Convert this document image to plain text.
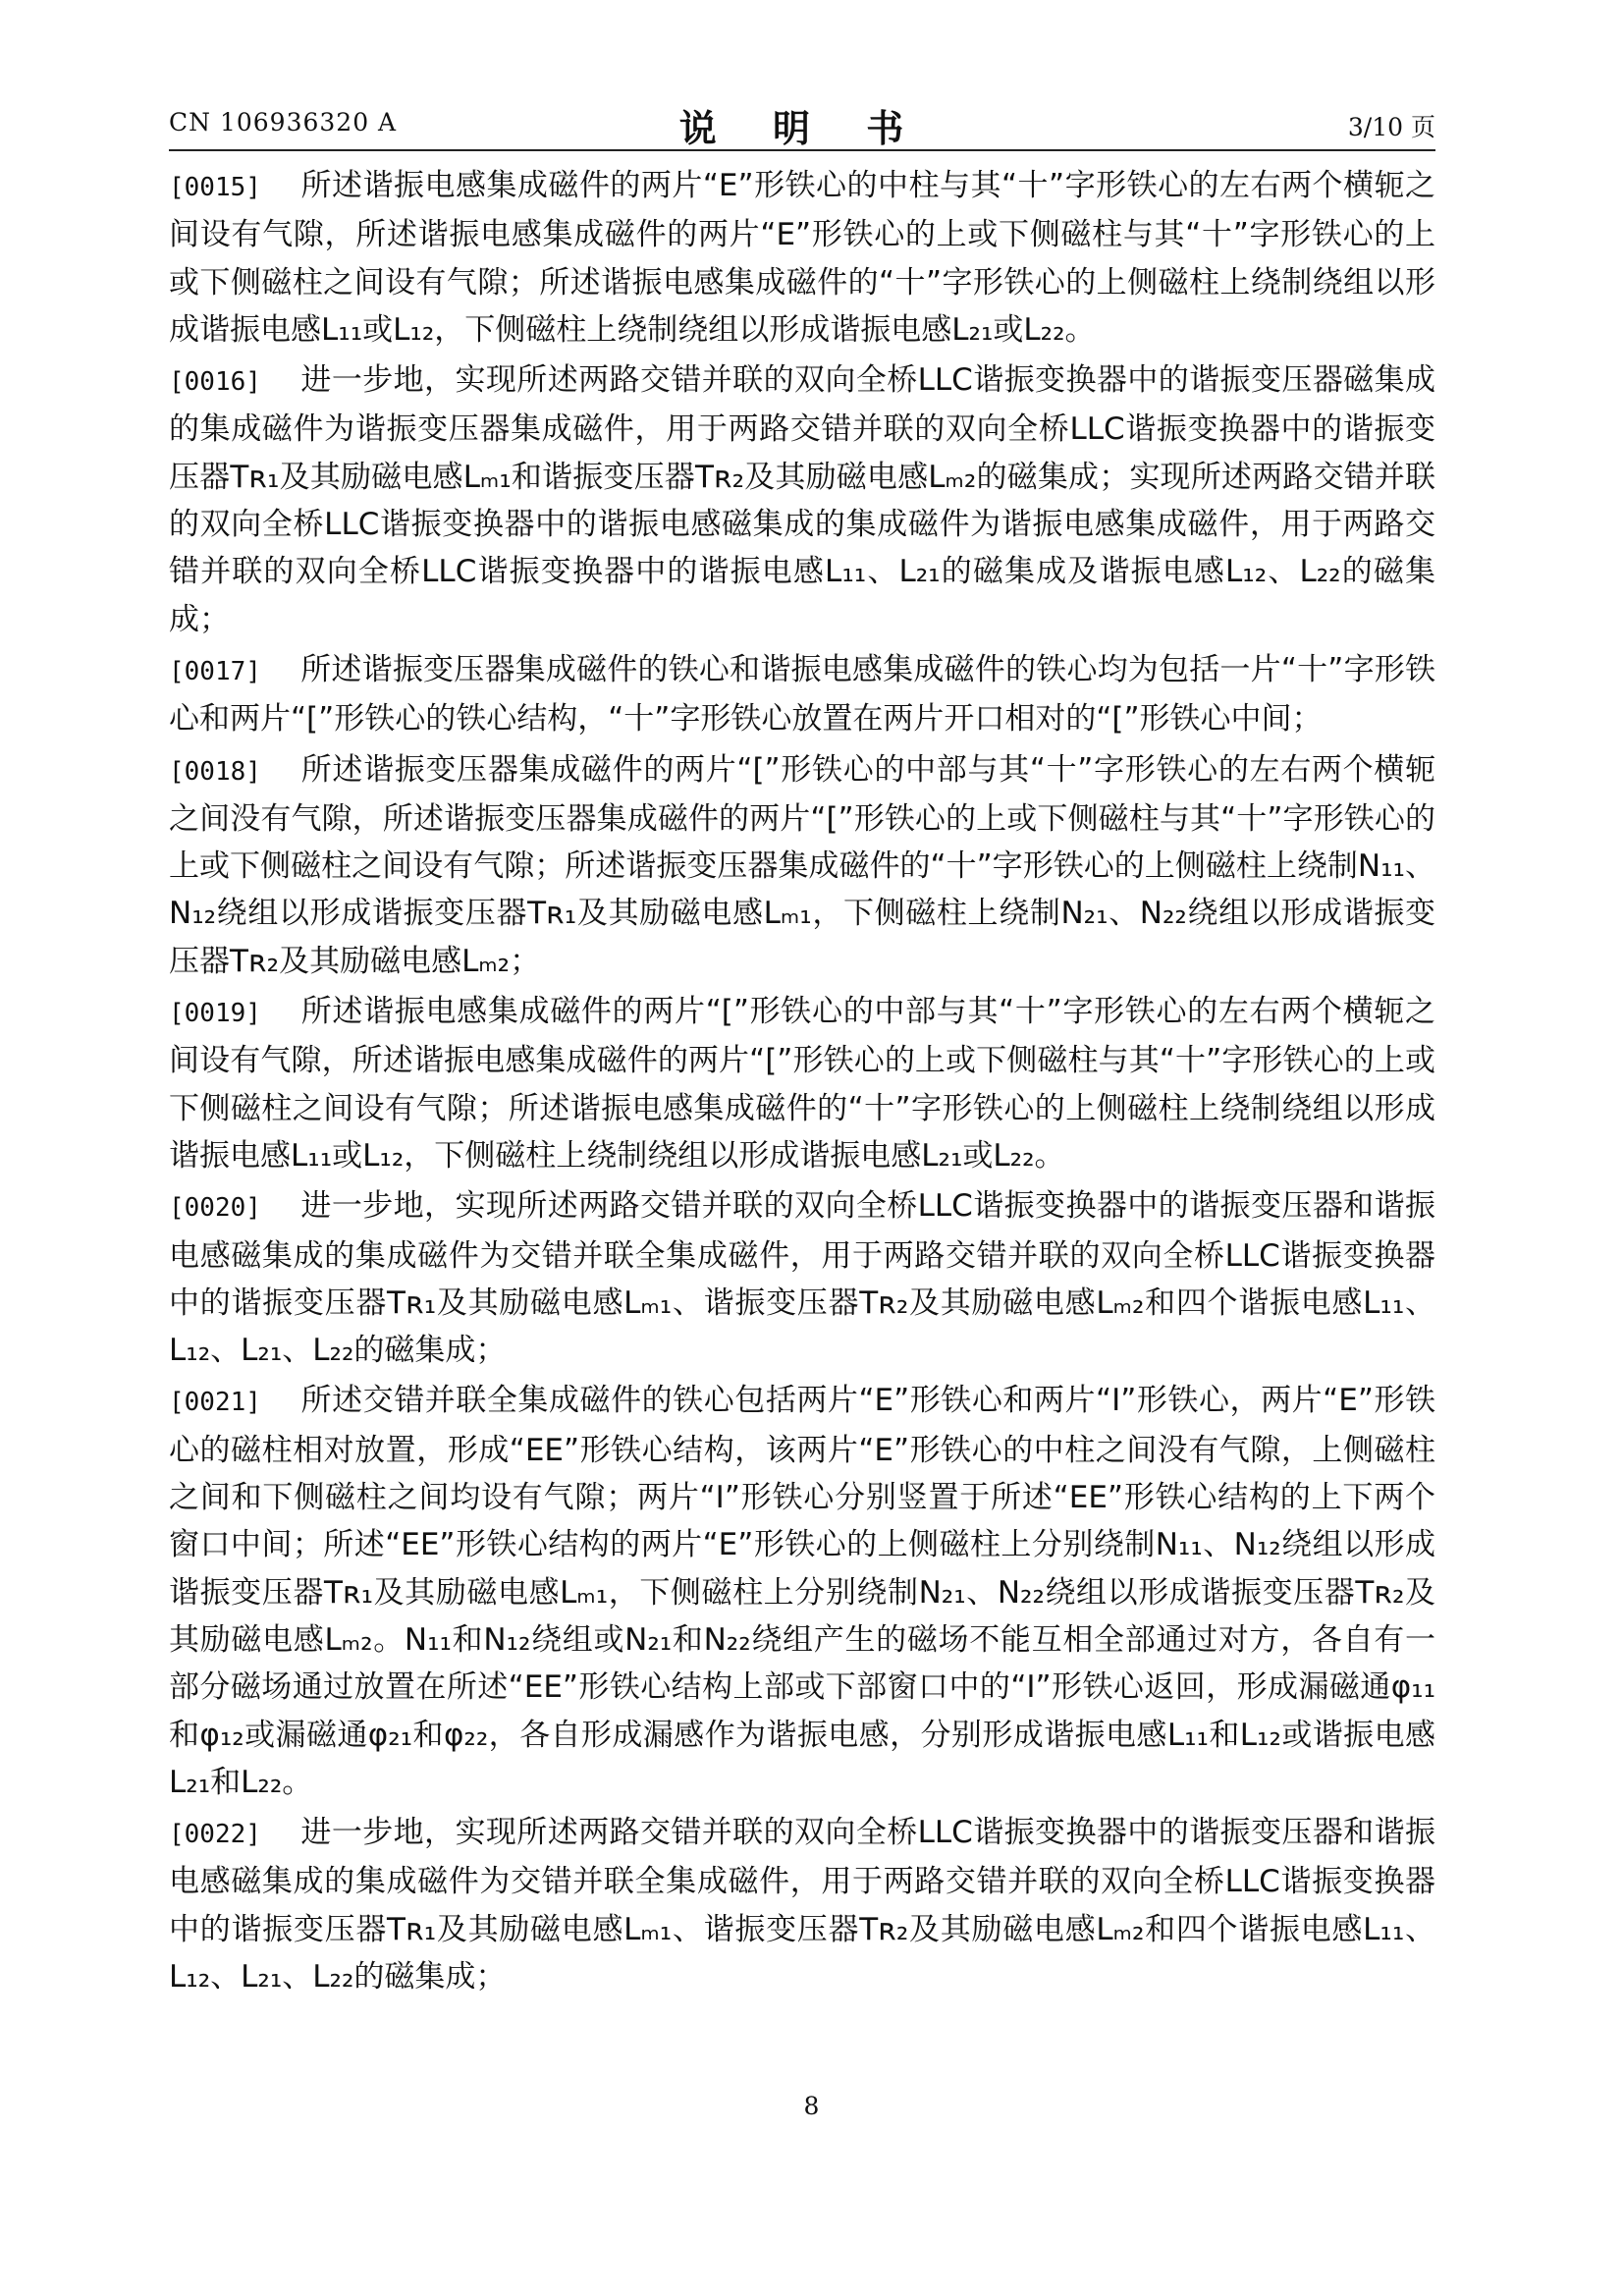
CN 106936320 A	说 明 书	3/10 页

[0015] 所述谐振电感集成磁件的两片“E”形铁心的中柱与其“十”字形铁心的左右两个横轭之间设有气隙，所述谐振电感集成磁件的两片“E”形铁心的上或下侧磁柱与其“十”字形铁心的上或下侧磁柱之间设有气隙；所述谐振电感集成磁件的“十”字形铁心的上侧磁柱上绕制绕组以形成谐振电感L₁₁或L₁₂，下侧磁柱上绕制绕组以形成谐振电感L₂₁或L₂₂。

[0016] 进一步地，实现所述两路交错并联的双向全桥LLC谐振变换器中的谐振变压器磁集成的集成磁件为谐振变压器集成磁件，用于两路交错并联的双向全桥LLC谐振变换器中的谐振变压器Tʀ₁及其励磁电感Lₘ₁和谐振变压器Tʀ₂及其励磁电感Lₘ₂的磁集成；实现所述两路交错并联的双向全桥LLC谐振变换器中的谐振电感磁集成的集成磁件为谐振电感集成磁件，用于两路交错并联的双向全桥LLC谐振变换器中的谐振电感L₁₁、L₂₁的磁集成及谐振电感L₁₂、L₂₂的磁集成；

[0017] 所述谐振变压器集成磁件的铁心和谐振电感集成磁件的铁心均为包括一片“十”字形铁心和两片“[”形铁心的铁心结构，“十”字形铁心放置在两片开口相对的“[”形铁心中间；

[0018] 所述谐振变压器集成磁件的两片“[”形铁心的中部与其“十”字形铁心的左右两个横轭之间没有气隙，所述谐振变压器集成磁件的两片“[”形铁心的上或下侧磁柱与其“十”字形铁心的上或下侧磁柱之间设有气隙；所述谐振变压器集成磁件的“十”字形铁心的上侧磁柱上绕制N₁₁、N₁₂绕组以形成谐振变压器Tʀ₁及其励磁电感Lₘ₁，下侧磁柱上绕制N₂₁、N₂₂绕组以形成谐振变压器Tʀ₂及其励磁电感Lₘ₂；

[0019] 所述谐振电感集成磁件的两片“[”形铁心的中部与其“十”字形铁心的左右两个横轭之间设有气隙，所述谐振电感集成磁件的两片“[”形铁心的上或下侧磁柱与其“十”字形铁心的上或下侧磁柱之间设有气隙；所述谐振电感集成磁件的“十”字形铁心的上侧磁柱上绕制绕组以形成谐振电感L₁₁或L₁₂，下侧磁柱上绕制绕组以形成谐振电感L₂₁或L₂₂。

[0020] 进一步地，实现所述两路交错并联的双向全桥LLC谐振变换器中的谐振变压器和谐振电感磁集成的集成磁件为交错并联全集成磁件，用于两路交错并联的双向全桥LLC谐振变换器中的谐振变压器Tʀ₁及其励磁电感Lₘ₁、谐振变压器Tʀ₂及其励磁电感Lₘ₂和四个谐振电感L₁₁、L₁₂、L₂₁、L₂₂的磁集成；

[0021] 所述交错并联全集成磁件的铁心包括两片“E”形铁心和两片“I”形铁心，两片“E”形铁心的磁柱相对放置，形成“EE”形铁心结构，该两片“E”形铁心的中柱之间没有气隙，上侧磁柱之间和下侧磁柱之间均设有气隙；两片“I”形铁心分别竖置于所述“EE”形铁心结构的上下两个窗口中间；所述“EE”形铁心结构的两片“E”形铁心的上侧磁柱上分别绕制N₁₁、N₁₂绕组以形成谐振变压器Tʀ₁及其励磁电感Lₘ₁，下侧磁柱上分别绕制N₂₁、N₂₂绕组以形成谐振变压器Tʀ₂及其励磁电感Lₘ₂。N₁₁和N₁₂绕组或N₂₁和N₂₂绕组产生的磁场不能互相全部通过对方，各自有一部分磁场通过放置在所述“EE”形铁心结构上部或下部窗口中的“I”形铁心返回，形成漏磁通φ₁₁和φ₁₂或漏磁通φ₂₁和φ₂₂，各自形成漏感作为谐振电感，分别形成谐振电感L₁₁和L₁₂或谐振电感L₂₁和L₂₂。

[0022] 进一步地，实现所述两路交错并联的双向全桥LLC谐振变换器中的谐振变压器和谐振电感磁集成的集成磁件为交错并联全集成磁件，用于两路交错并联的双向全桥LLC谐振变换器中的谐振变压器Tʀ₁及其励磁电感Lₘ₁、谐振变压器Tʀ₂及其励磁电感Lₘ₂和四个谐振电感L₁₁、L₁₂、L₂₁、L₂₂的磁集成；

8
